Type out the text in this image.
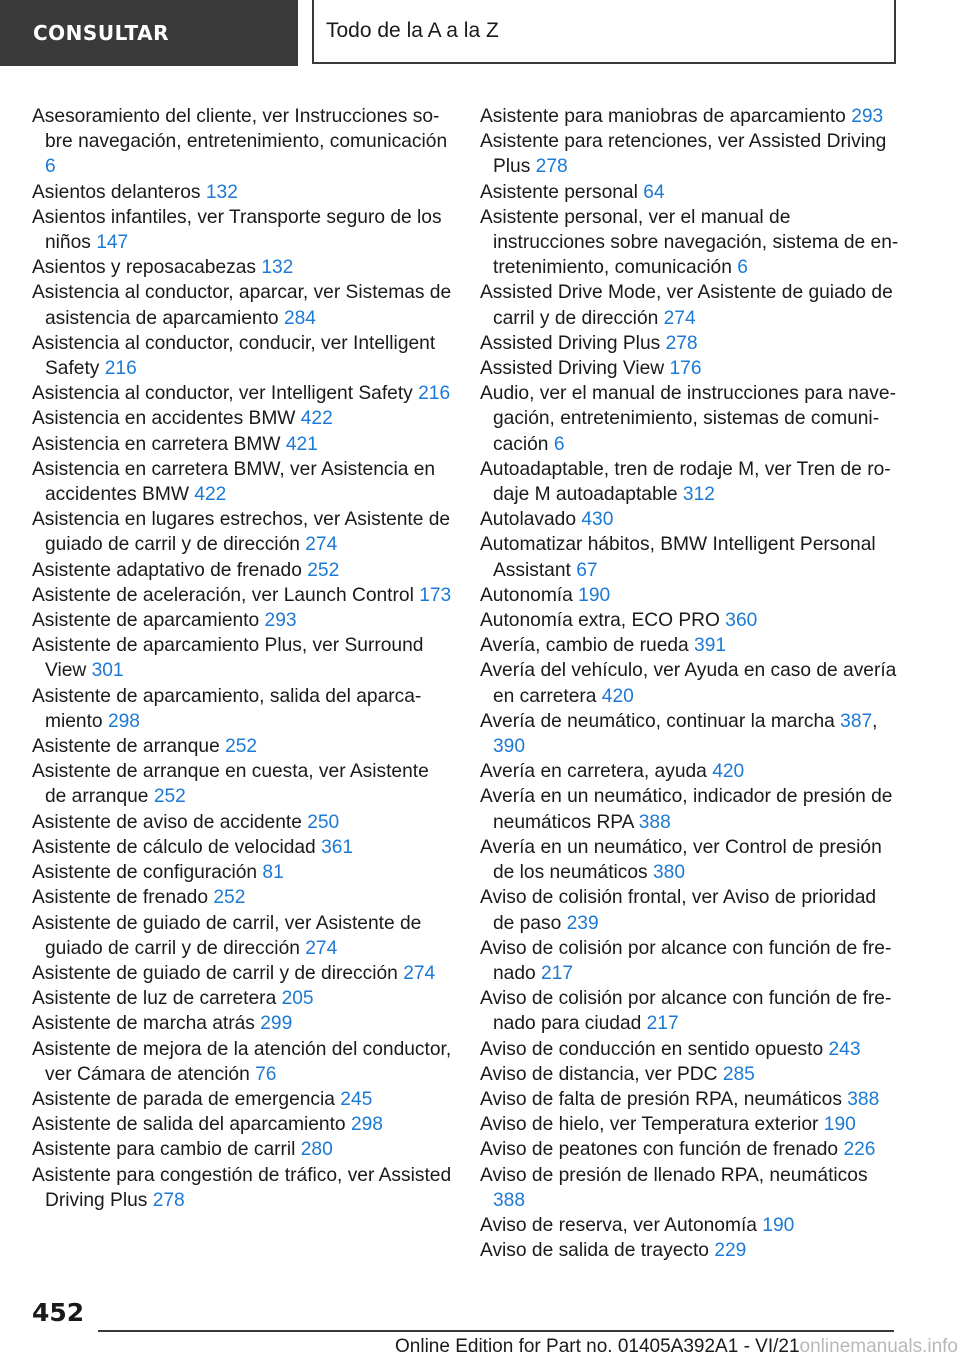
CONSULTAR	Todo de la A a la Z

Asesoramiento del cliente, ver Instrucciones sobre navegación, entretenimiento, comunicación 6

Asientos delanteros 132

Asientos infantiles, ver Transporte seguro de los niños 147

Asientos y reposacabezas 132

Asistencia al conductor, aparcar, ver Sistemas de asistencia de aparcamiento 284

Asistencia al conductor, conducir, ver Intelligent Safety 216

Asistencia al conductor, ver Intelligent Safety 216

Asistencia en accidentes BMW 422

Asistencia en carretera BMW 421

Asistencia en carretera BMW, ver Asistencia en accidentes BMW 422

Asistencia en lugares estrechos, ver Asistente de guiado de carril y de dirección 274

Asistente adaptativo de frenado 252

Asistente de aceleración, ver Launch Control 173

Asistente de aparcamiento 293

Asistente de aparcamiento Plus, ver Surround View 301

Asistente de aparcamiento, salida del aparcamiento 298

Asistente de arranque 252

Asistente de arranque en cuesta, ver Asistente de arranque 252

Asistente de aviso de accidente 250

Asistente de cálculo de velocidad 361

Asistente de configuración 81

Asistente de frenado 252

Asistente de guiado de carril, ver Asistente de guiado de carril y de dirección 274

Asistente de guiado de carril y de dirección 274

Asistente de luz de carretera 205

Asistente de marcha atrás 299

Asistente de mejora de la atención del conductor, ver Cámara de atención 76

Asistente de parada de emergencia 245

Asistente de salida del aparcamiento 298

Asistente para cambio de carril 280

Asistente para congestión de tráfico, ver Assisted Driving Plus 278

Asistente para maniobras de aparcamiento 293

Asistente para retenciones, ver Assisted Driving Plus 278

Asistente personal 64

Asistente personal, ver el manual de instrucciones sobre navegación, sistema de entretenimiento, comunicación 6

Assisted Drive Mode, ver Asistente de guiado de carril y de dirección 274

Assisted Driving Plus 278

Assisted Driving View 176

Audio, ver el manual de instrucciones para navegación, entretenimiento, sistemas de comunicación 6

Autoadaptable, tren de rodaje M, ver Tren de rodaje M autoadaptable 312

Autolavado 430

Automatizar hábitos, BMW Intelligent Personal Assistant 67

Autonomía 190

Autonomía extra, ECO PRO 360

Avería, cambio de rueda 391

Avería del vehículo, ver Ayuda en caso de avería en carretera 420

Avería de neumático, continuar la marcha 387, 390

Avería en carretera, ayuda 420

Avería en un neumático, indicador de presión de neumáticos RPA 388

Avería en un neumático, ver Control de presión de los neumáticos 380

Aviso de colisión frontal, ver Aviso de prioridad de paso 239

Aviso de colisión por alcance con función de frenado 217

Aviso de colisión por alcance con función de frenado para ciudad 217

Aviso de conducción en sentido opuesto 243

Aviso de distancia, ver PDC 285

Aviso de falta de presión RPA, neumáticos 388

Aviso de hielo, ver Temperatura exterior 190

Aviso de peatones con función de frenado 226

Aviso de presión de llenado RPA, neumáticos 388

Aviso de reserva, ver Autonomía 190

Aviso de salida de trayecto 229

452
Online Edition for Part no. 01405A392A1 - VI/21onlinemanuals.info
